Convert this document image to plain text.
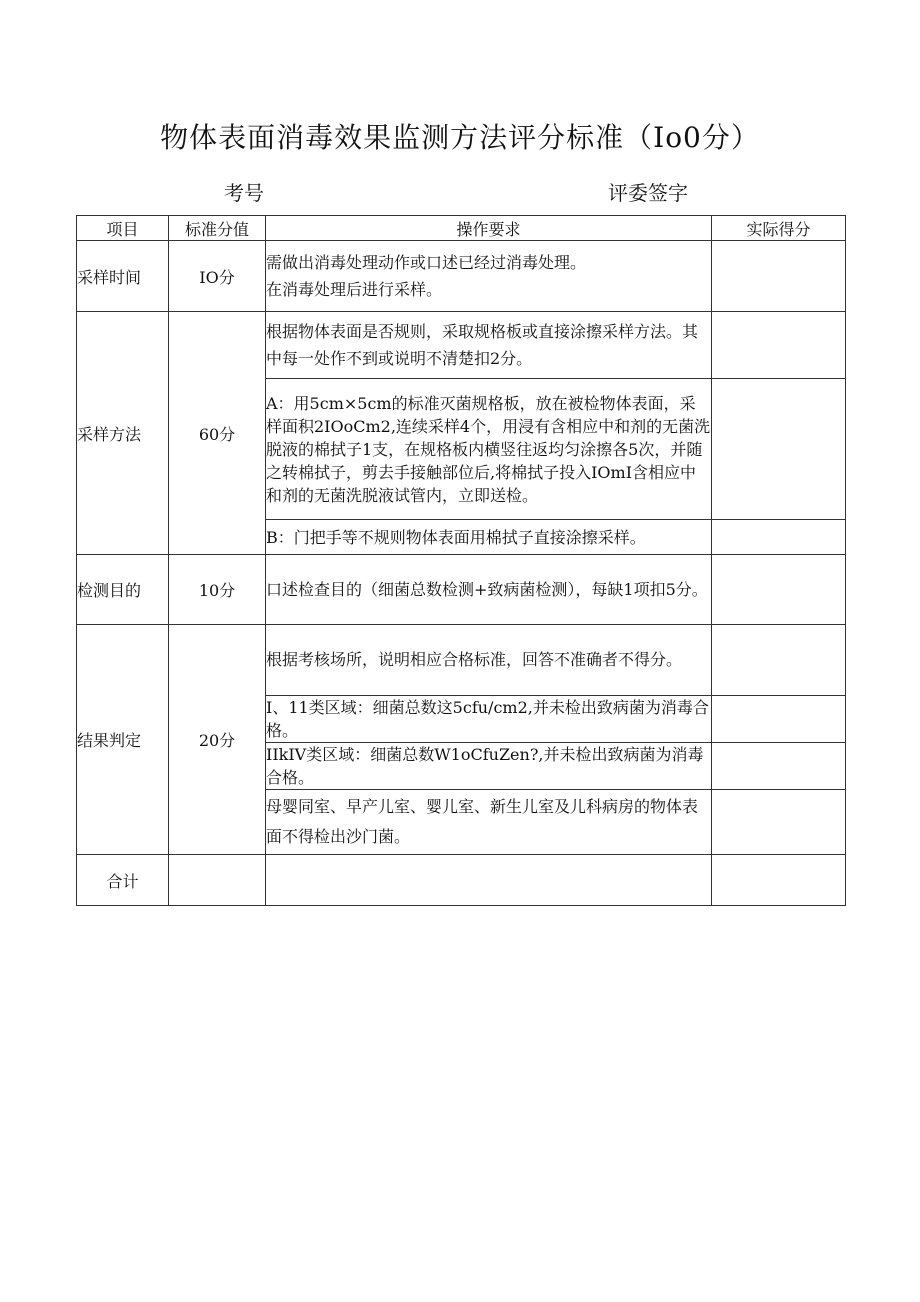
物体表面消毒效果监测方法评分标准（Io0分）
考号	评委签字
项目	标准分值	操作要求	实际得分
采样时间	IO分	需做出消毒处理动作或口述已经过消毒处理。
在消毒处理后进行采样。	

采样方法	60分	根据物体表面是否规则，采取规格板或直接涂擦采样方法。其中每一处作不到或说明不清楚扣2分。	
		A：用5cm×5cm的标准灭菌规格板，放在被检物体表面，采样面积2IOoCm2,连续采样4个，用浸有含相应中和剂的无菌洗脱液的棉拭子1支，在规格板内横竖往返均匀涂擦各5次，并随之转棉拭子，剪去手接触部位后,将棉拭子投入IOmI含相应中和剂的无菌洗脱液试管内，立即送检。	
		B：门把手等不规则物体表面用棉拭子直接涂擦采样。	
检测目的	10分	口述检查目的（细菌总数检测+致病菌检测），每缺1项扣5分。	
结果判定	20分	根据考核场所，说明相应合格标准，回答不准确者不得分。	
		I、11类区域：细菌总数这5cfu/cm2,并未检出致病菌为消毒合格。	
		IIkIV类区域：细菌总数W1oCfuZen?,并未检出致病菌为消毒合格。	
		母婴同室、早产儿室、婴儿室、新生儿室及儿科病房的物体表面不得检出沙门菌。	
合计			
